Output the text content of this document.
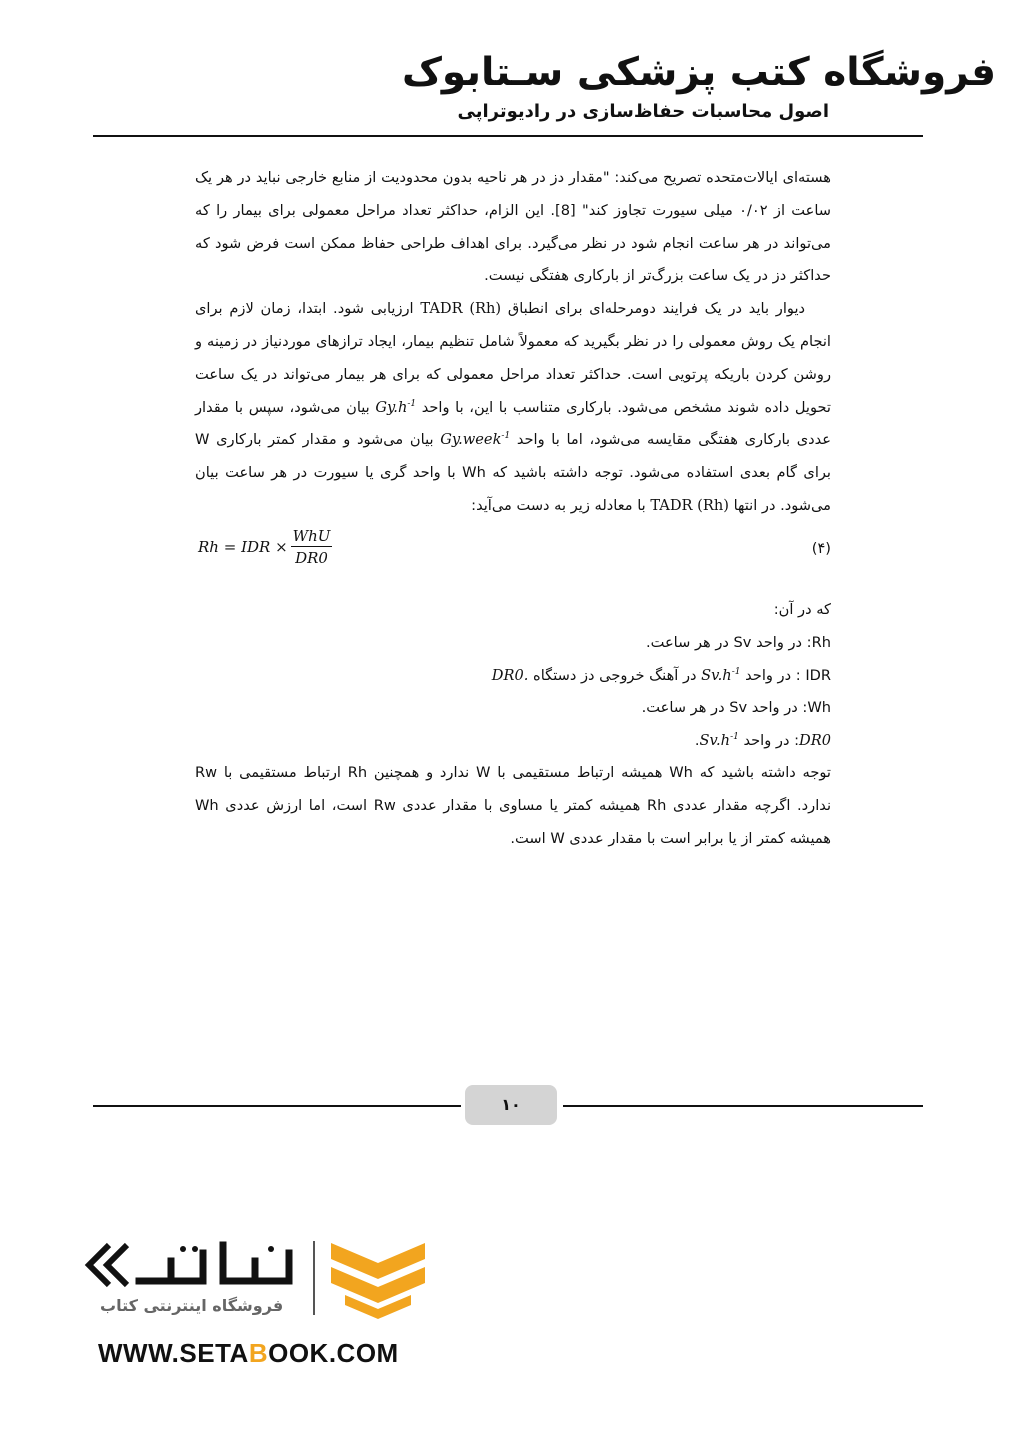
فروشگاه کتب پزشکی سـتابوک
اصول محاسبات حفاظ‌سازی در رادیوتراپی

هسته‌ای ایالات‌متحده تصریح می‌کند: "مقدار دز در هر ناحیه بدون محدودیت از منابع خارجی نباید در هر یک ساعت از ۰/۰۲ میلی سیورت تجاوز کند" [8]. این الزام، حداکثر تعداد مراحل معمولی برای بیمار را که می‌تواند در هر ساعت انجام شود در نظر می‌گیرد. برای اهداف طراحی حفاظ ممکن است فرض شود که حداکثر دز در یک ساعت بزرگ‌تر از بارکاری هفتگی نیست.

دیوار باید در یک فرایند دومرحله‌ای برای انطباق TADR (Rh) ارزیابی شود. ابتدا، زمان لازم برای انجام یک روش معمولی را در نظر بگیرید که معمولاً شامل تنظیم بیمار، ایجاد ترازهای موردنیاز در زمینه و روشن کردن باریکه پرتویی است. حداکثر تعداد مراحل معمولی که برای هر بیمار می‌تواند در یک ساعت تحویل داده شوند مشخص می‌شود. بارکاری متناسب با این، با واحد $Gy.h^{-1}$ بیان می‌شود، سپس با مقدار عددی بارکاری هفتگی مقایسه می‌شود، اما با واحد Gy.week$^{-1}$ بیان می‌شود و مقدار کمتر بارکاری W برای گام بعدی استفاده می‌شود. توجه داشته باشید که Wh با واحد گری یا سیورت در هر ساعت بیان می‌شود. در انتها TADR (Rh) با معادله زیر به دست می‌آید:

(۴)
Rh = IDR × $\frac{\text{WhU}}{DR0}$

که در آن:

Rh: در واحد Sv در هر ساعت.

IDR : در واحد $Sv.h^{-1}$ در آهنگ خروجی دز دستگاه DR0.

Wh: در واحد Sv در هر ساعت.

DR0: در واحد $Sv.h^{-1}$.

توجه داشته باشید که Wh همیشه ارتباط مستقیمی با W ندارد و همچنین Rh ارتباط مستقیمی با Rw ندارد. اگرچه مقدار عددی Rh همیشه کمتر یا مساوی با مقدار عددی Rw است، اما ارزش عددی Wh همیشه کمتر از یا برابر است با مقدار عددی W است.
۱۰
فروشگاه اینترنتی کتاب
WWW.SETABOOK.COM
